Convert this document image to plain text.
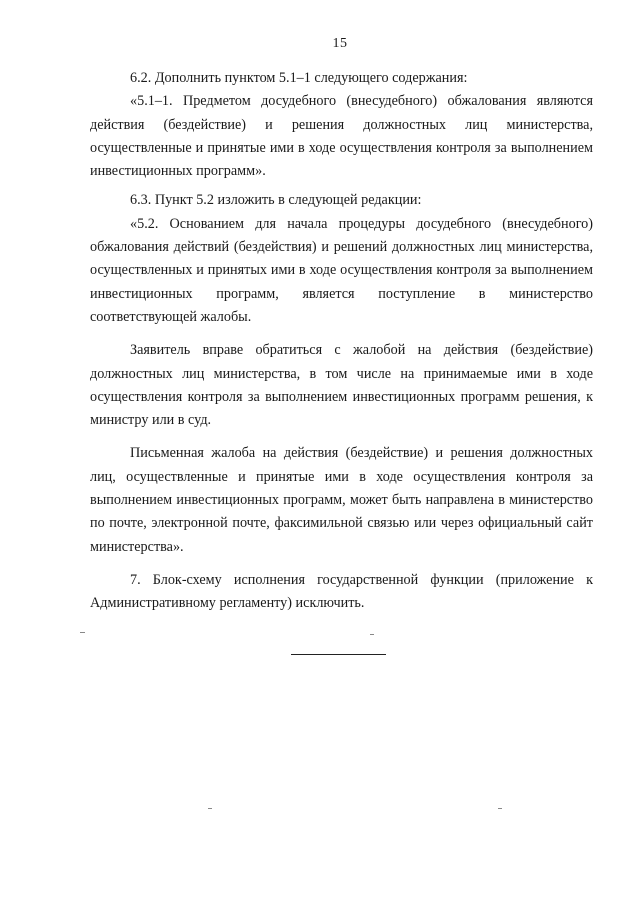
15

6.2. Дополнить пунктом 5.1–1 следующего содержания:

«5.1–1. Предметом досудебного (внесудебного) обжалования являются действия (бездействие) и решения должностных лиц министерства, осуществленные и принятые ими в ходе осуществления контроля за выполнением инвестиционных программ».

6.3. Пункт 5.2 изложить в следующей редакции:

«5.2. Основанием для начала процедуры досудебного (внесудебного) обжалования действий (бездействия) и решений должностных лиц министерства, осуществленных и принятых ими в ходе осуществления контроля за выполнением инвестиционных программ, является поступление в министерство соответствующей жалобы.

Заявитель вправе обратиться с жалобой на действия (бездействие) должностных лиц министерства, в том числе на принимаемые ими в ходе осуществления контроля за выполнением инвестиционных программ решения, к министру или в суд.

Письменная жалоба на действия (бездействие) и решения должностных лиц, осуществленные и принятые ими в ходе осуществления контроля за выполнением инвестиционных программ, может быть направлена в министерство по почте, электронной почте, факсимильной связью или через официальный сайт министерства».

7. Блок-схему исполнения государственной функции (приложение к Административному регламенту) исключить.
